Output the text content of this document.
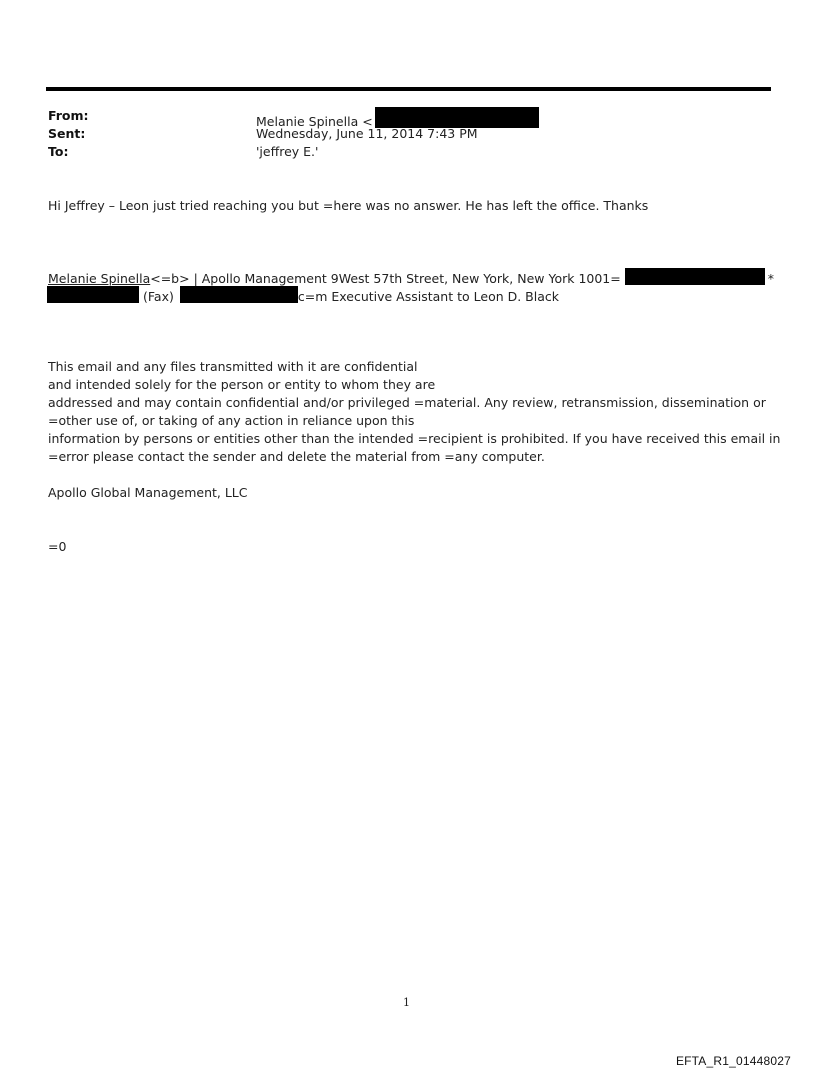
From:	Melanie Spinella <
Sent:	Wednesday, June 11, 2014 7:43 PM
To:	'jeffrey E.'
Hi Jeffrey – Leon just tried reaching you but =here was no answer. He has left the office. Thanks
Melanie Spinella<=b> | Apollo Management 9West 57th Street, New York, New York 1001=	*
(Fax)	c=m Executive Assistant to Leon D. Black
This email and any files transmitted with it are confidential
and intended solely for the person or entity to whom they are
addressed and may contain confidential and/or privileged =material. Any review, retransmission, dissemination or
=other use of, or taking of any action in reliance upon this
information by persons or entities other than the intended =recipient is prohibited. If you have received this email in
=error please contact the sender and delete the material from =any computer.
Apollo Global Management, LLC
=0
1
EFTA_R1_01448027
